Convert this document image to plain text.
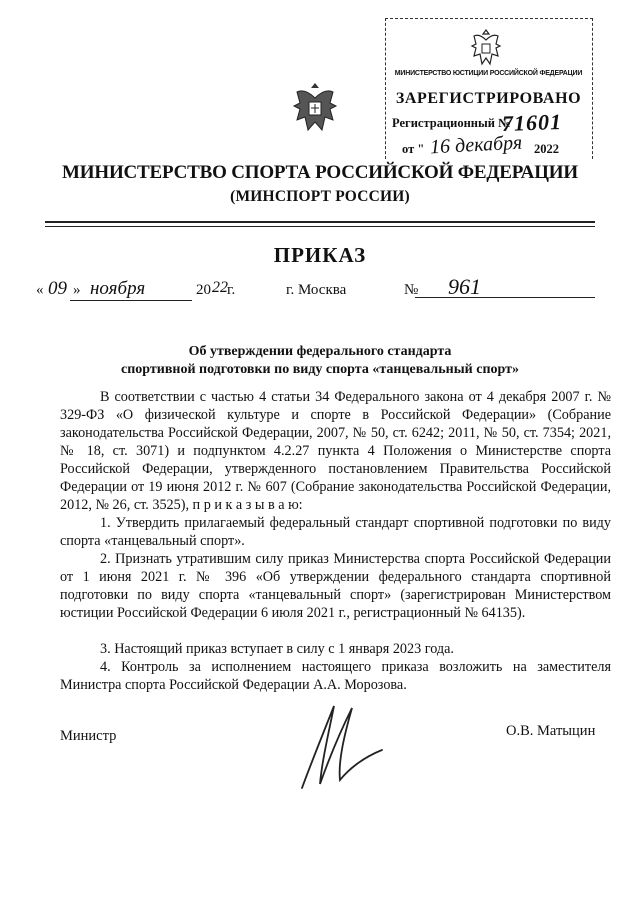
МИНИСТЕРСТВО ЮСТИЦИИ РОССИЙСКОЙ ФЕДЕРАЦИИ
ЗАРЕГИСТРИРОВАНО
Регистрационный №
71601
от " 16 декабря 2022
МИНИСТЕРСТВО СПОРТА РОССИЙСКОЙ ФЕДЕРАЦИИ
(МИНСПОРТ РОССИИ)
ПРИКАЗ
« 09 » ноября	20 22 г.	г. Москва	№ 961
Об утверждении федерального стандарта
спортивной подготовки по виду спорта «танцевальный спорт»
В соответствии с частью 4 статьи 34 Федерального закона от 4 декабря 2007 г. № 329-ФЗ «О физической культуре и спорте в Российской Федерации» (Собрание законодательства Российской Федерации, 2007, № 50, ст. 6242; 2011, № 50, ст. 7354; 2021, № 18, ст. 3071) и подпунктом 4.2.27 пункта 4 Положения о Министерстве спорта Российской Федерации, утвержденного постановлением Правительства Российской Федерации от 19 июня 2012 г. № 607 (Собрание законодательства Российской Федерации, 2012, № 26, ст. 3525), п р и к а з ы в а ю:
1. Утвердить прилагаемый федеральный стандарт спортивной подготовки по виду спорта «танцевальный спорт».
2. Признать утратившим силу приказ Министерства спорта Российской Федерации от 1 июня 2021 г. № 396 «Об утверждении федерального стандарта спортивной подготовки по виду спорта «танцевальный спорт» (зарегистрирован Министерством юстиции Российской Федерации 6 июля 2021 г., регистрационный № 64135).
3. Настоящий приказ вступает в силу с 1 января 2023 года.
4. Контроль за исполнением настоящего приказа возложить на заместителя Министра спорта Российской Федерации А.А. Морозова.
Министр	О.В. Матыцин
